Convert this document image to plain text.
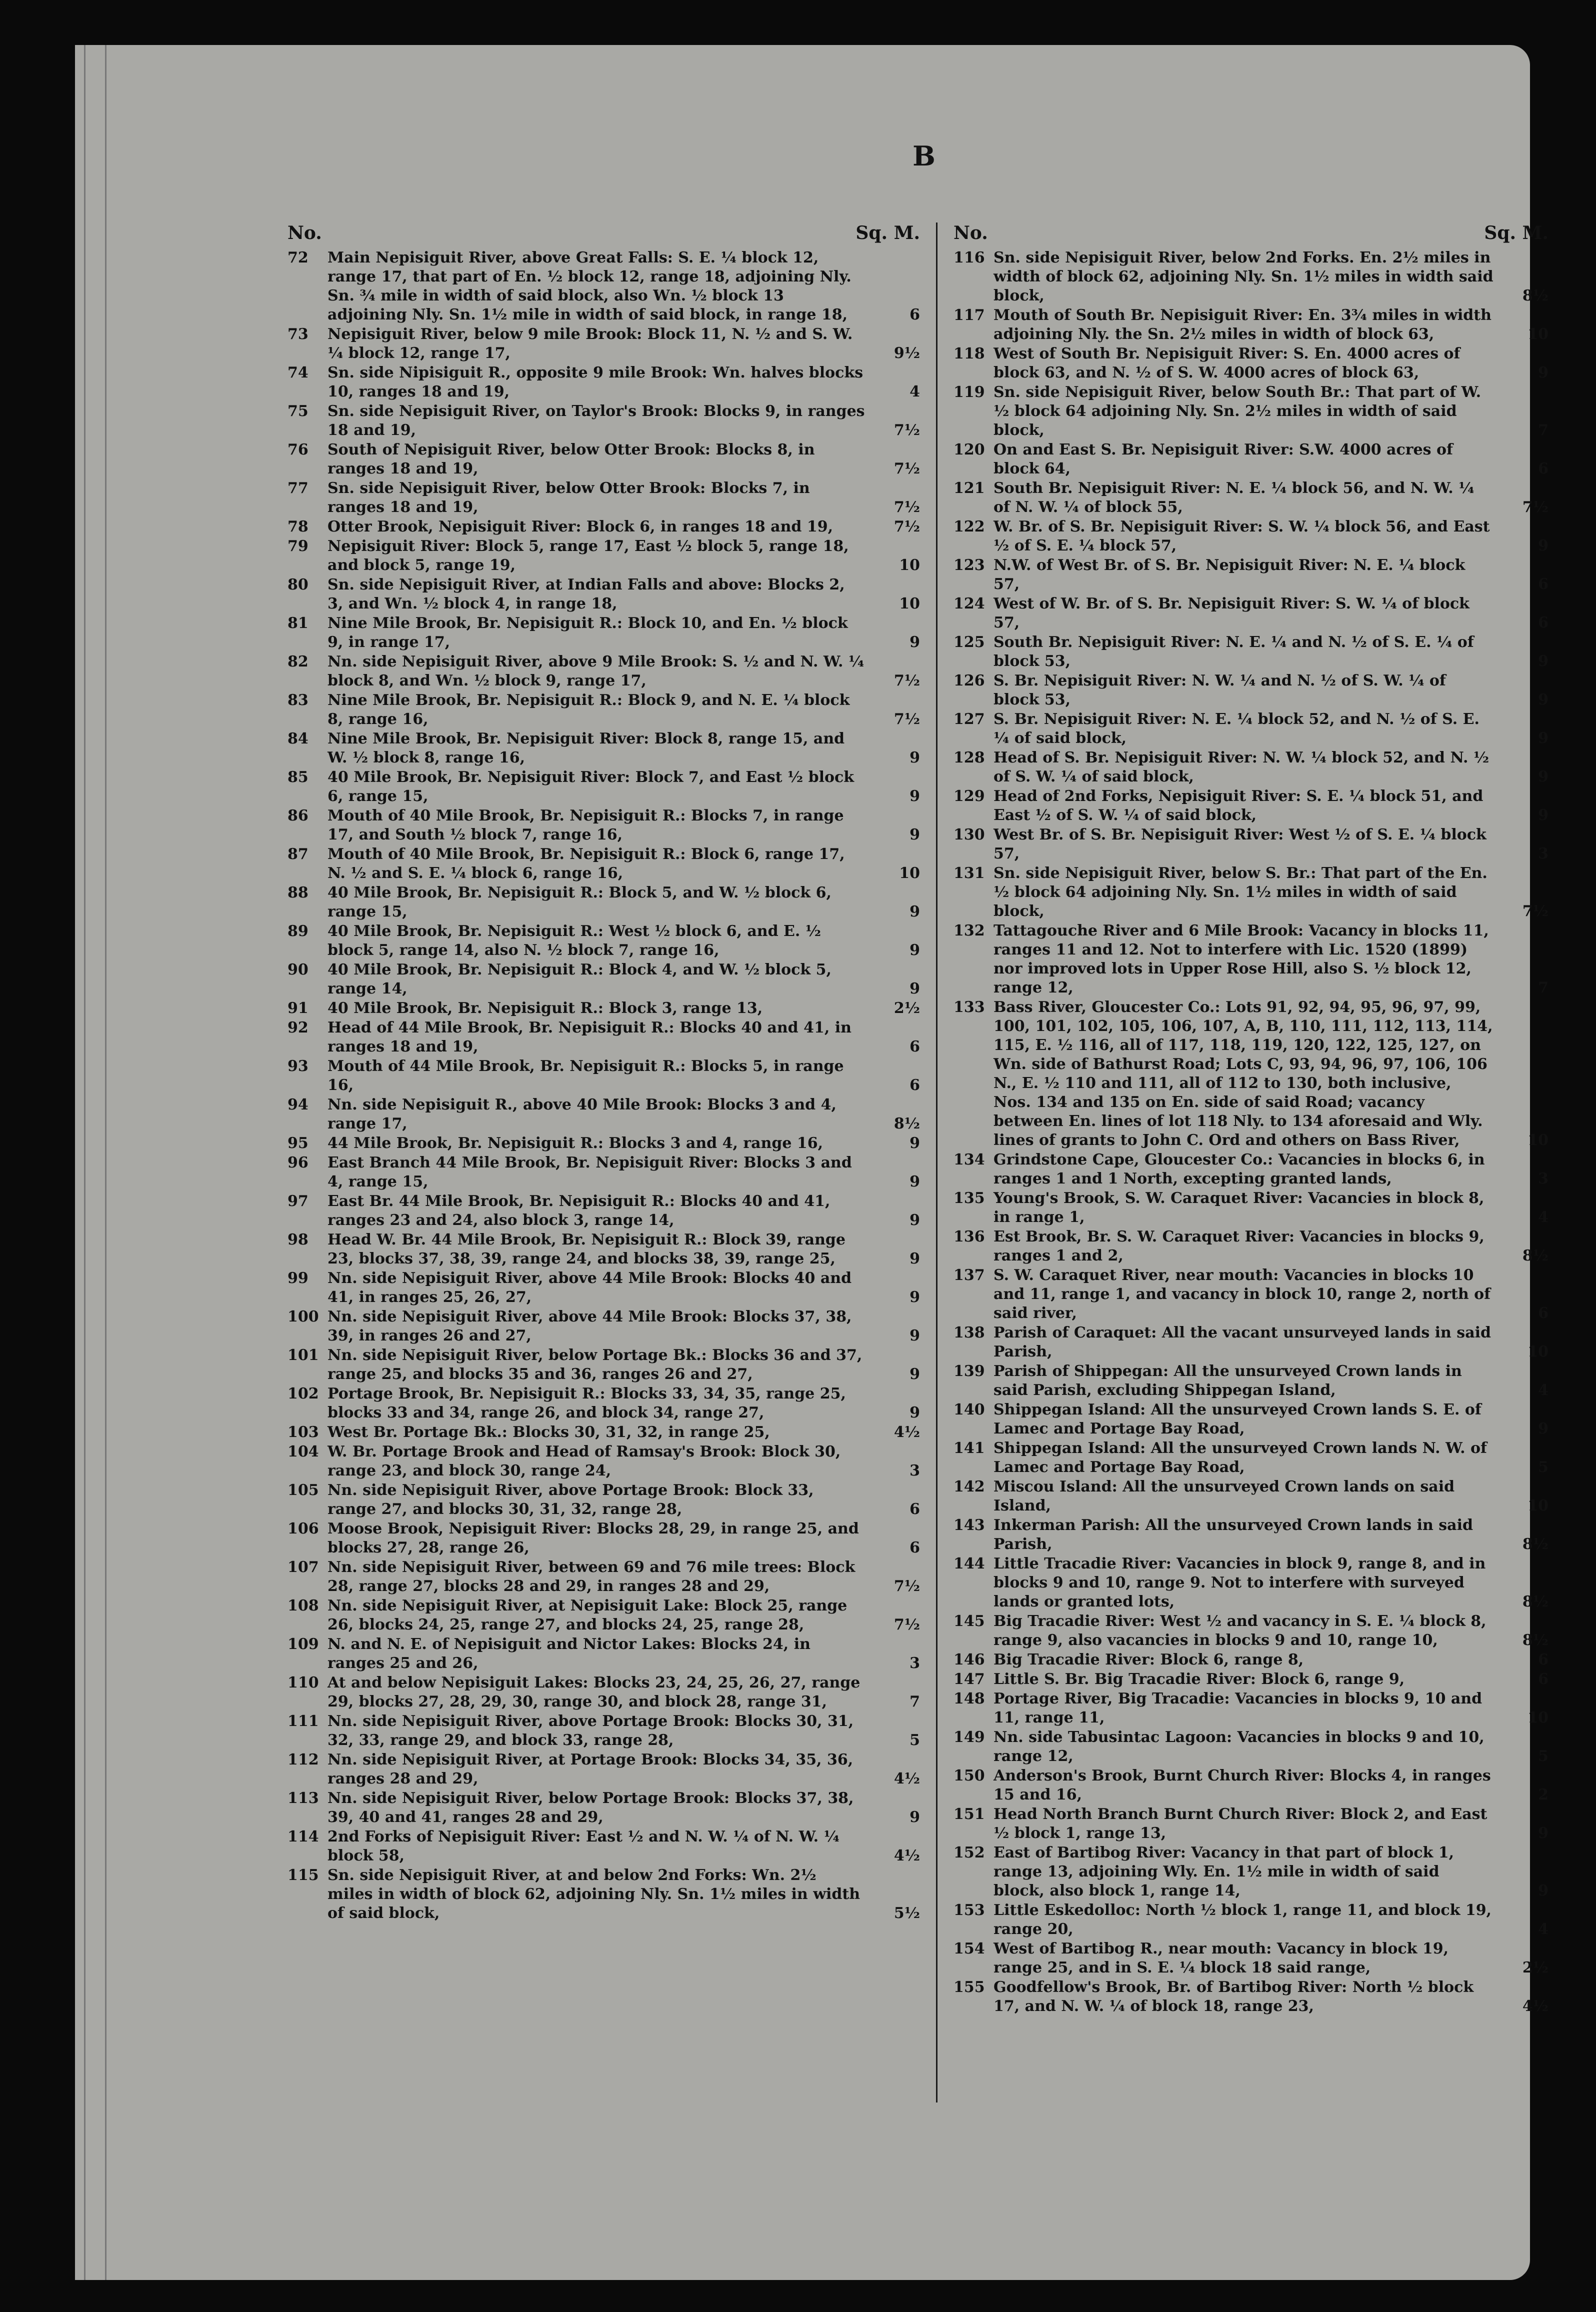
B
No.	Sq. M.
72	Main Nepisiguit River, above Great Falls: S. E. ¼ block 12, range 17, that part of En. ½ block 12, range 18, adjoining Nly. Sn. ¾ mile in width of said block, also Wn. ½ block 13 adjoining Nly. Sn. 1½ mile in width of said block, in range 18,	6
73	Nepisiguit River, below 9 mile Brook: Block 11, N. ½ and S. W. ¼ block 12, range 17,	9½
74	Sn. side Nipisiguit R., opposite 9 mile Brook: Wn. halves blocks 10, ranges 18 and 19,	4
75	Sn. side Nepisiguit River, on Taylor's Brook: Blocks 9, in ranges 18 and 19,	7½
76	South of Nepisiguit River, below Otter Brook: Blocks 8, in ranges 18 and 19,	7½
77	Sn. side Nepisiguit River, below Otter Brook: Blocks 7, in ranges 18 and 19,	7½
78	Otter Brook, Nepisiguit River: Block 6, in ranges 18 and 19,	7½
79	Nepisiguit River: Block 5, range 17, East ½ block 5, range 18, and block 5, range 19,	10
80	Sn. side Nepisiguit River, at Indian Falls and above: Blocks 2, 3, and Wn. ½ block 4, in range 18,	10
81	Nine Mile Brook, Br. Nepisiguit R.: Block 10, and En. ½ block 9, in range 17,	9
82	Nn. side Nepisiguit River, above 9 Mile Brook: S. ½ and N. W. ¼ block 8, and Wn. ½ block 9, range 17,	7½
83	Nine Mile Brook, Br. Nepisiguit R.: Block 9, and N. E. ¼ block 8, range 16,	7½
84	Nine Mile Brook, Br. Nepisiguit River: Block 8, range 15, and W. ½ block 8, range 16,	9
85	40 Mile Brook, Br. Nepisiguit River: Block 7, and East ½ block 6, range 15,	9
86	Mouth of 40 Mile Brook, Br. Nepisiguit R.: Blocks 7, in range 17, and South ½ block 7, range 16,	9
87	Mouth of 40 Mile Brook, Br. Nepisiguit R.: Block 6, range 17, N. ½ and S. E. ¼ block 6, range 16,	10
88	40 Mile Brook, Br. Nepisiguit R.: Block 5, and W. ½ block 6, range 15,	9
89	40 Mile Brook, Br. Nepisiguit R.: West ½ block 6, and E. ½ block 5, range 14, also N. ½ block 7, range 16,	9
90	40 Mile Brook, Br. Nepisiguit R.: Block 4, and W. ½ block 5, range 14,	9
91	40 Mile Brook, Br. Nepisiguit R.: Block 3, range 13,	2½
92	Head of 44 Mile Brook, Br. Nepisiguit R.: Blocks 40 and 41, in ranges 18 and 19,	6
93	Mouth of 44 Mile Brook, Br. Nepisiguit R.: Blocks 5, in range 16,	6
94	Nn. side Nepisiguit R., above 40 Mile Brook: Blocks 3 and 4, range 17,	8½
95	44 Mile Brook, Br. Nepisiguit R.: Blocks 3 and 4, range 16,	9
96	East Branch 44 Mile Brook, Br. Nepisiguit River: Blocks 3 and 4, range 15,	9
97	East Br. 44 Mile Brook, Br. Nepisiguit R.: Blocks 40 and 41, ranges 23 and 24, also block 3, range 14,	9
98	Head W. Br. 44 Mile Brook, Br. Nepisiguit R.: Block 39, range 23, blocks 37, 38, 39, range 24, and blocks 38, 39, range 25,	9
99	Nn. side Nepisiguit River, above 44 Mile Brook: Blocks 40 and 41, in ranges 25, 26, 27,	9
100 Nn. side Nepisiguit River, above 44 Mile Brook: Blocks 37, 38, 39, in ranges 26 and 27,	9
101 Nn. side Nepisiguit River, below Portage Bk.: Blocks 36 and 37, range 25, and blocks 35 and 36, ranges 26 and 27,	9
102 Portage Brook, Br. Nepisiguit R.: Blocks 33, 34, 35, range 25, blocks 33 and 34, range 26, and block 34, range 27,	9
103 West Br. Portage Bk.: Blocks 30, 31, 32, in range 25,	4½
104 W. Br. Portage Brook and Head of Ramsay's Brook: Block 30, range 23, and block 30, range 24,	3
105 Nn. side Nepisiguit River, above Portage Brook: Block 33, range 27, and blocks 30, 31, 32, range 28,	6
106 Moose Brook, Nepisiguit River: Blocks 28, 29, in range 25, and blocks 27, 28, range 26,	6
107 Nn. side Nepisiguit River, between 69 and 76 mile trees: Block 28, range 27, blocks 28 and 29, in ranges 28 and 29,	7½
108 Nn. side Nepisiguit River, at Nepisiguit Lake: Block 25, range 26, blocks 24, 25, range 27, and blocks 24, 25, range 28,	7½
109 N. and N. E. of Nepisiguit and Nictor Lakes: Blocks 24, in ranges 25 and 26,	3
110 At and below Nepisiguit Lakes: Blocks 23, 24, 25, 26, 27, range 29, blocks 27, 28, 29, 30, range 30, and block 28, range 31,	7
111 Nn. side Nepisiguit River, above Portage Brook: Blocks 30, 31, 32, 33, range 29, and block 33, range 28,	5
112 Nn. side Nepisiguit River, at Portage Brook: Blocks 34, 35, 36, ranges 28 and 29,	4½
113 Nn. side Nepisiguit River, below Portage Brook: Blocks 37, 38, 39, 40 and 41, ranges 28 and 29,	9
114 2nd Forks of Nepisiguit River: East ½ and N. W. ¼ of N. W. ¼ block 58,	4½
115 Sn. side Nepisiguit River, at and below 2nd Forks: Wn. 2½ miles in width of block 62, adjoining Nly. Sn. 1½ miles in width of said block,	5½
No.	Sq. M.
116 Sn. side Nepisiguit River, below 2nd Forks. En. 2½ miles in width of block 62, adjoining Nly. Sn. 1½ miles in width said block,	8½
117 Mouth of South Br. Nepisiguit River: En. 3¾ miles in width adjoining Nly. the Sn. 2½ miles in width of block 63,	10
118 West of South Br. Nepisiguit River: S. En. 4000 acres of block 63, and N. ½ of S. W. 4000 acres of block 63,	9
119 Sn. side Nepisiguit River, below South Br.: That part of W. ½ block 64 adjoining Nly. Sn. 2½ miles in width of said block,	7
120 On and East S. Br. Nepisiguit River: S.W. 4000 acres of block 64,	6
121 South Br. Nepisiguit River: N. E. ¼ block 56, and N. W. ¼ of N. W. ¼ of block 55,	7½
122 W. Br. of S. Br. Nepisiguit River: S. W. ¼ block 56, and East ½ of S. E. ¼ block 57,	9
123 N.W. of West Br. of S. Br. Nepisiguit River: N. E. ¼ block 57,	6
124 West of W. Br. of S. Br. Nepisiguit River: S. W. ¼ of block 57,	6
125 South Br. Nepisiguit River: N. E. ¼ and N. ½ of S. E. ¼ of block 53,	9
126 S. Br. Nepisiguit River: N. W. ¼ and N. ½ of S. W. ¼ of block 53,	9
127 S. Br. Nepisiguit River: N. E. ¼ block 52, and N. ½ of S. E. ¼ of said block,	9
128 Head of S. Br. Nepisiguit River: N. W. ¼ block 52, and N. ½ of S. W. ¼ of said block,	9
129 Head of 2nd Forks, Nepisiguit River: S. E. ¼ block 51, and East ½ of S. W. ¼ of said block,	9
130 West Br. of S. Br. Nepisiguit River: West ½ of S. E. ¼ block 57,	3
131 Sn. side Nepisiguit River, below S. Br.: That part of the En. ½ block 64 adjoining Nly. Sn. 1½ miles in width of said block,	7½
132 Tattagouche River and 6 Mile Brook: Vacancy in blocks 11, ranges 11 and 12. Not to interfere with Lic. 1520 (1899) nor improved lots in Upper Rose Hill, also S. ½ block 12, range 12,	7
133 Bass River, Gloucester Co.: Lots 91, 92, 94, 95, 96, 97, 99, 100, 101, 102, 105, 106, 107, A, B, 110, 111, 112, 113, 114, 115, E. ½ 116, all of 117, 118, 119, 120, 122, 125, 127, on Wn. side of Bathurst Road; Lots C, 93, 94, 96, 97, 106, 106 N., E. ½ 110 and 111, all of 112 to 130, both inclusive, Nos. 134 and 135 on En. side of said Road; vacancy between En. lines of lot 118 Nly. to 134 aforesaid and Wly. lines of grants to John C. Ord and others on Bass River,	10
134 Grindstone Cape, Gloucester Co.: Vacancies in blocks 6, in ranges 1 and 1 North, excepting granted lands,	3
135 Young's Brook, S. W. Caraquet River: Vacancies in block 8, in range 1,	4
136 Est Brook, Br. S. W. Caraquet River: Vacancies in blocks 9, ranges 1 and 2,	8½
137 S. W. Caraquet River, near mouth: Vacancies in blocks 10 and 11, range 1, and vacancy in block 10, range 2, north of said river,	6
138 Parish of Caraquet: All the vacant unsurveyed lands in said Parish,	10
139 Parish of Shippegan: All the unsurveyed Crown lands in said Parish, excluding Shippegan Island,	4
140 Shippegan Island: All the unsurveyed Crown lands S. E. of Lamec and Portage Bay Road,	9
141 Shippegan Island: All the unsurveyed Crown lands N. W. of Lamec and Portage Bay Road,	5
142 Miscou Island: All the unsurveyed Crown lands on said Island,	10
143 Inkerman Parish: All the unsurveyed Crown lands in said Parish,	8½
144 Little Tracadie River: Vacancies in block 9, range 8, and in blocks 9 and 10, range 9. Not to interfere with surveyed lands or granted lots,	8½
145 Big Tracadie River: West ½ and vacancy in S. E. ¼ block 8, range 9, also vacancies in blocks 9 and 10, range 10,	8½
146 Big Tracadie River: Block 6, range 8,	6
147 Little S. Br. Big Tracadie River: Block 6, range 9,	6
148 Portage River, Big Tracadie: Vacancies in blocks 9, 10 and 11, range 11,	10
149 Nn. side Tabusintac Lagoon: Vacancies in blocks 9 and 10, range 12,	5
150 Anderson's Brook, Burnt Church River: Blocks 4, in ranges 15 and 16,	2
151 Head North Branch Burnt Church River: Block 2, and East ½ block 1, range 13,	9
152 East of Bartibog River: Vacancy in that part of block 1, range 13, adjoining Wly. En. 1½ mile in width of said block, also block 1, range 14,	9
153 Little Eskedolloc: North ½ block 1, range 11, and block 19, range 20,	4
154 West of Bartibog R., near mouth: Vacancy in block 19, range 25, and in S. E. ¼ block 18 said range,	2½
155 Goodfellow's Brook, Br. of Bartibog River: North ½ block 17, and N. W. ¼ of block 18, range 23,	4½
